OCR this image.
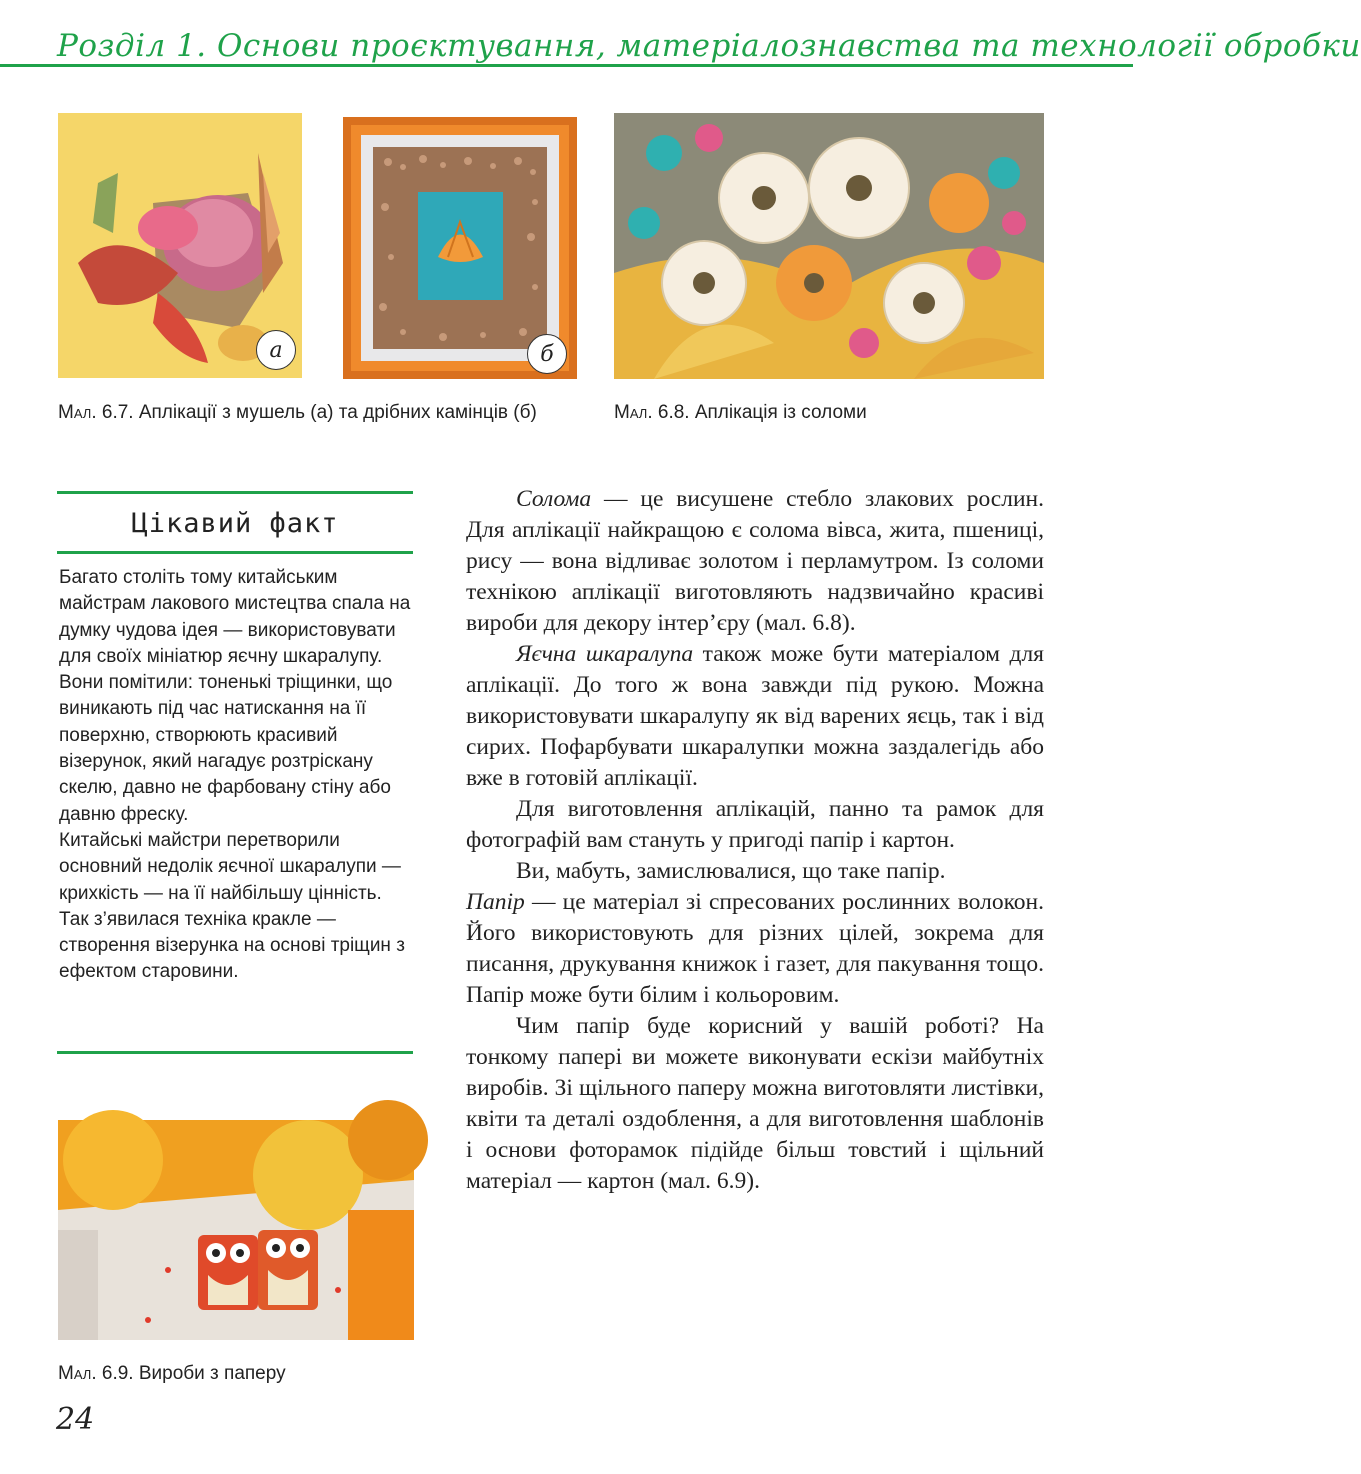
Розділ 1. Основи проєктування, матеріалознавства та технології обробки
а	б
Мал. 6.7. Аплікації з мушель (а) та дрібних камінців (б)	Мал. 6.8. Аплікація із соломи
Цікавий факт

Багато століть тому китайським майстрам лакового мистецтва спала на думку чудова ідея — використовувати для своїх мініатюр яєчну шкаралупу. Вони помітили: тоненькі тріщинки, що виникають під час натискання на її поверхню, створюють красивий візерунок, який нагадує розтріскану скелю, давно не фарбовану стіну або давню фреску.

Китайські майстри перетворили основний недолік яєчної шкаралупи — крихкість — на її найбільшу цінність. Так з’явилася техніка кракле — створення візерунка на основі тріщин з ефектом старовини.

Мал. 6.9. Вироби з паперу

Солома — це висушене стебло злакових рослин. Для аплікації найкращою є солома вівса, жита, пшениці, рису — вона відливає золотом і перламутром. Із соломи технікою аплікації виготовляють надзвичайно красиві вироби для декору інтер’єру (мал. 6.8).

Яєчна шкаралупа також може бути матеріалом для аплікації. До того ж вона завжди під рукою. Можна використовувати шкаралупу як від варених яєць, так і від сирих. Пофарбувати шкаралупки можна заздалегідь або вже в готовій аплікації.

Для виготовлення аплікацій, панно та рамок для фотографій вам стануть у пригоді папір і картон.

Ви, мабуть, замислювалися, що таке папір.

Папір — це матеріал зі спресованих рослинних волокон. Його використовують для різних цілей, зокрема для писання, друкування книжок і газет, для пакування тощо. Папір може бути білим і кольоровим.

Чим папір буде корисний у вашій роботі? На тонкому папері ви можете виконувати ескізи майбутніх виробів. Зі щільного паперу можна виготовляти листівки, квіти та деталі оздоблення, а для виготовлення шаблонів і основи фоторамок підійде більш товстий і щільний матеріал — картон (мал. 6.9).

24
